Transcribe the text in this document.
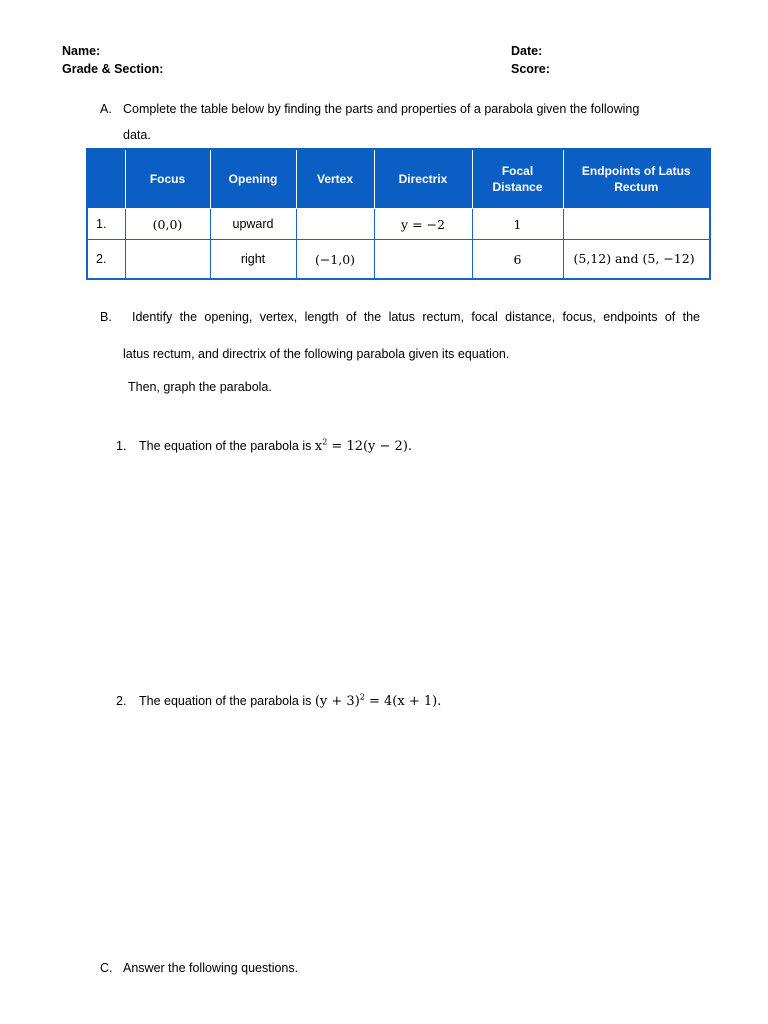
Name:
Grade & Section:
Date:
Score:
A. Complete the table below by finding the parts and properties of a parabola given the following
data.
	Focus	Opening	Vertex	Directrix	Focal Distance	Endpoints of Latus Rectum
1.	(0,0)	upward		y = −2	1	
2.		right	(−1,0)		6	(5,12) and (5, −12)
B. Identify the opening, vertex, length of the latus rectum, focal distance, focus, endpoints of the
latus rectum, and directrix of the following parabola given its equation.
Then, graph the parabola.
1. The equation of the parabola is $x^2 = 12(y - 2)$.
2. The equation of the parabola is $(y + 3)^2 = 4(x + 1)$.
C. Answer the following questions.
